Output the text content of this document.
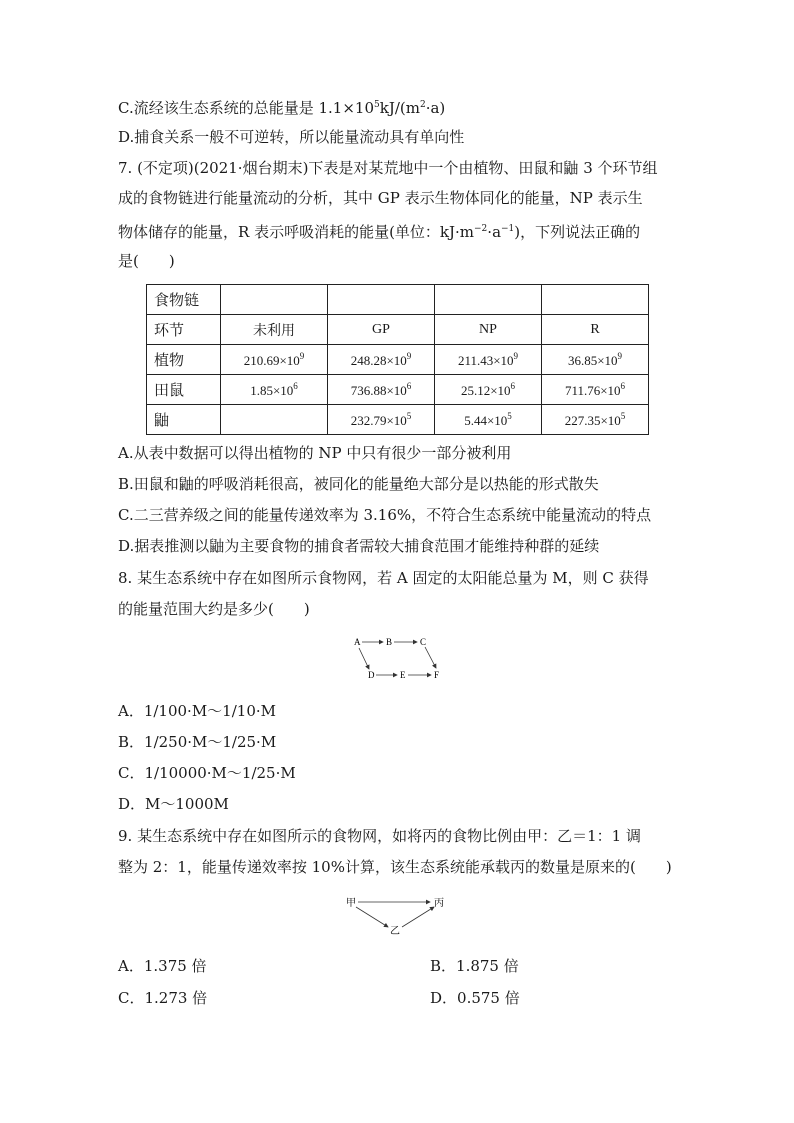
C.流经该生态系统的总能量是 $1.1\times 10^5kJ/(m^2\cdot a)$
D.捕食关系一般不可逆转，所以能量流动具有单向性
7. (不定项)(2021·烟台期末)下表是对某荒地中一个由植物、田鼠和鼬 3 个环节组
成的食物链进行能量流动的分析，其中 GP 表示生物体同化的能量，NP 表示生
物体储存的能量，R 表示呼吸消耗的能量(单位：$kJ\cdot m^{-2}\cdot a^{-1}$)，下列说法正确的
是(　　)
食物链				
环节	未利用	GP	NP	R
植物	$210.69\times 10^9$	$248.28\times 10^9$	$211.43\times 10^9$	$36.85\times 10^9$
田鼠	$1.85\times 10^6$	$736.88\times 10^6$	$25.12\times 10^6$	$711.76\times 10^6$
鼬		$232.79\times 10^5$	$5.44\times 10^5$	$227.35\times 10^5$
A.从表中数据可以得出植物的 NP 中只有很少一部分被利用
B.田鼠和鼬的呼吸消耗很高，被同化的能量绝大部分是以热能的形式散失
C.二三营养级之间的能量传递效率为 3.16%，不符合生态系统中能量流动的特点
D.据表推测以鼬为主要食物的捕食者需较大捕食范围才能维持种群的延续
8. 某生态系统中存在如图所示食物网，若 A 固定的太阳能总量为 M，则 C 获得
的能量范围大约是多少(　　)
A	B	C
D	E	F
A．1/100·M～1/10·M
B．1/250·M～1/25·M
C．1/10000·M～1/25·M
D．M～1000M
9. 某生态系统中存在如图所示的食物网，如将丙的食物比例由甲：乙＝1：1 调
整为 2：1，能量传递效率按 10%计算，该生态系统能承载丙的数量是原来的(　　)
甲	丙
乙
A．1.375 倍	B．1.875 倍
C．1.273 倍	D．0.575 倍
